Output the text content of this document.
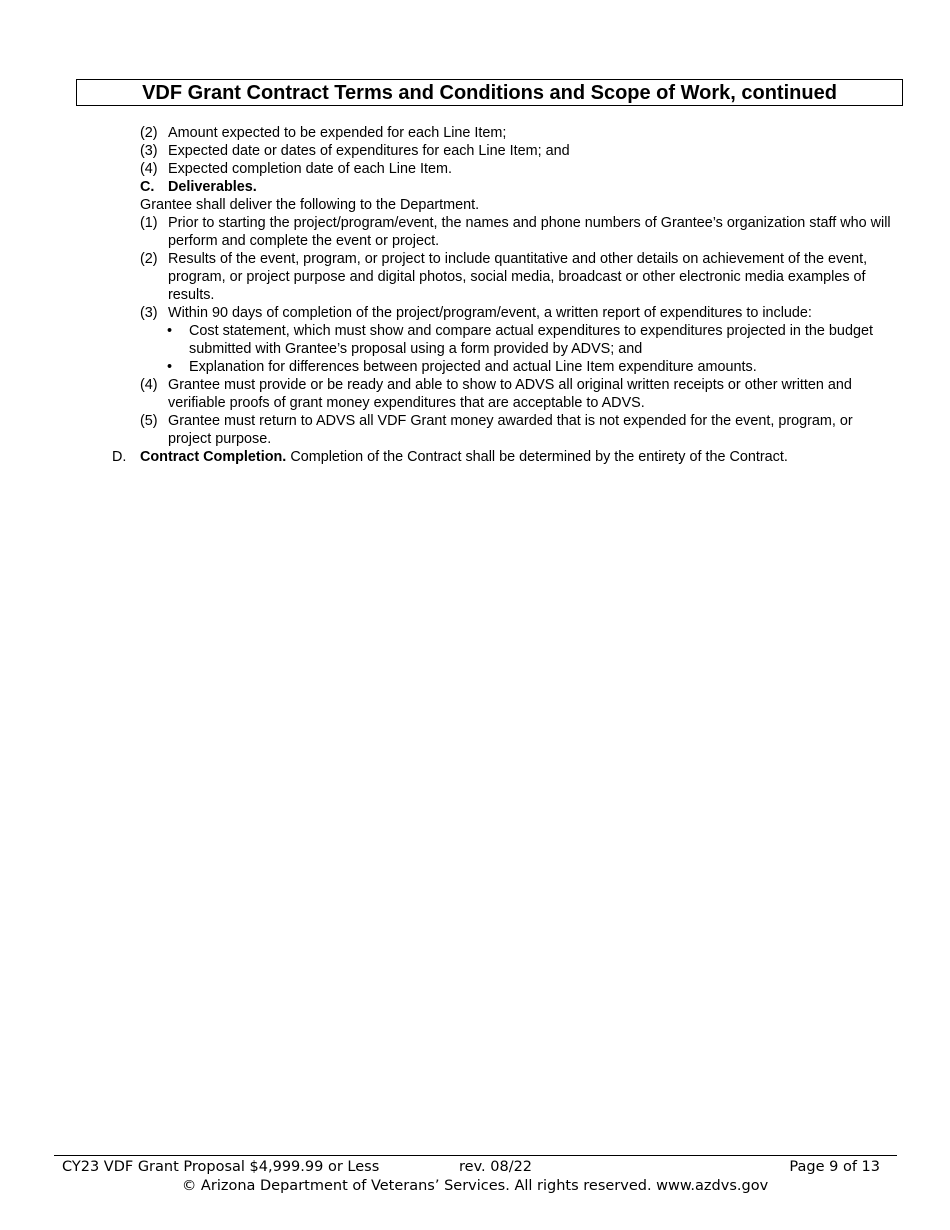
VDF Grant Contract Terms and Conditions and Scope of Work, continued
(2) Amount expected to be expended for each Line Item;
(3) Expected date or dates of expenditures for each Line Item; and
(4) Expected completion date of each Line Item.
C. Deliverables.
Grantee shall deliver the following to the Department.
(1) Prior to starting the project/program/event, the names and phone numbers of Grantee’s organization staff who will perform and complete the event or project.
(2) Results of the event, program, or project to include quantitative and other details on achievement of the event, program, or project purpose and digital photos, social media, broadcast or other electronic media examples of results.
(3) Within 90 days of completion of the project/program/event, a written report of expenditures to include:
• Cost statement, which must show and compare actual expenditures to expenditures projected in the budget submitted with Grantee’s proposal using a form provided by ADVS; and
• Explanation for differences between projected and actual Line Item expenditure amounts.
(4) Grantee must provide or be ready and able to show to ADVS all original written receipts or other written and verifiable proofs of grant money expenditures that are acceptable to ADVS.
(5) Grantee must return to ADVS all VDF Grant money awarded that is not expended for the event, program, or project purpose.
D. Contract Completion. Completion of the Contract shall be determined by the entirety of the Contract.
CY23 VDF Grant Proposal $4,999.99 or Less	rev. 08/22	Page 9 of 13
© Arizona Department of Veterans’ Services. All rights reserved. www.azdvs.gov
